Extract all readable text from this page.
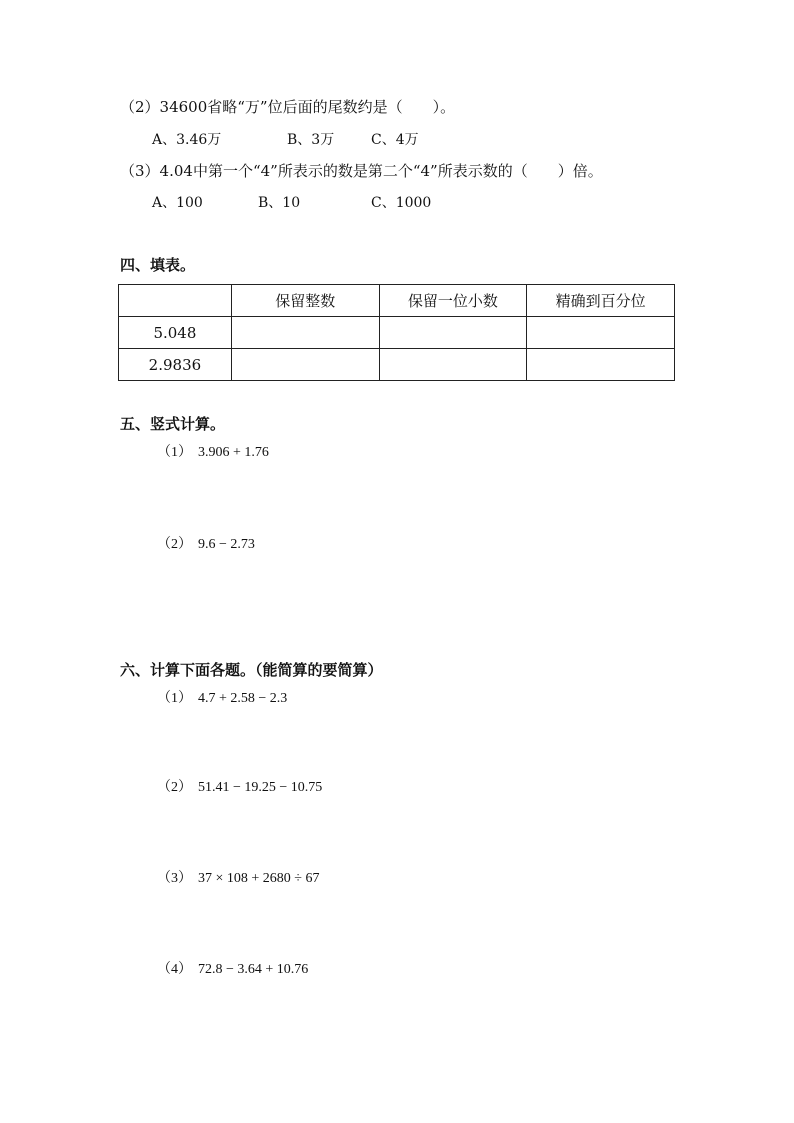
（2）34600省略“万”位后面的尾数约是（　　）。
A、3.46万	B、3万	C、4万
（3）4.04中第一个“4”所表示的数是第二个“4”所表示数的（　　）倍。
A、100	B、10	C、1000
四、填表。
	保留整数	保留一位小数	精确到百分位
5.048			
2.9836			
五、竖式计算。
（1） 3.906 + 1.76
（2） 9.6 − 2.73
六、计算下面各题。（能简算的要简算）
（1） 4.7 + 2.58 − 2.3
（2） 51.41 − 19.25 − 10.75
（3） 37 × 108 + 2680 ÷ 67
（4） 72.8 − 3.64 + 10.76
